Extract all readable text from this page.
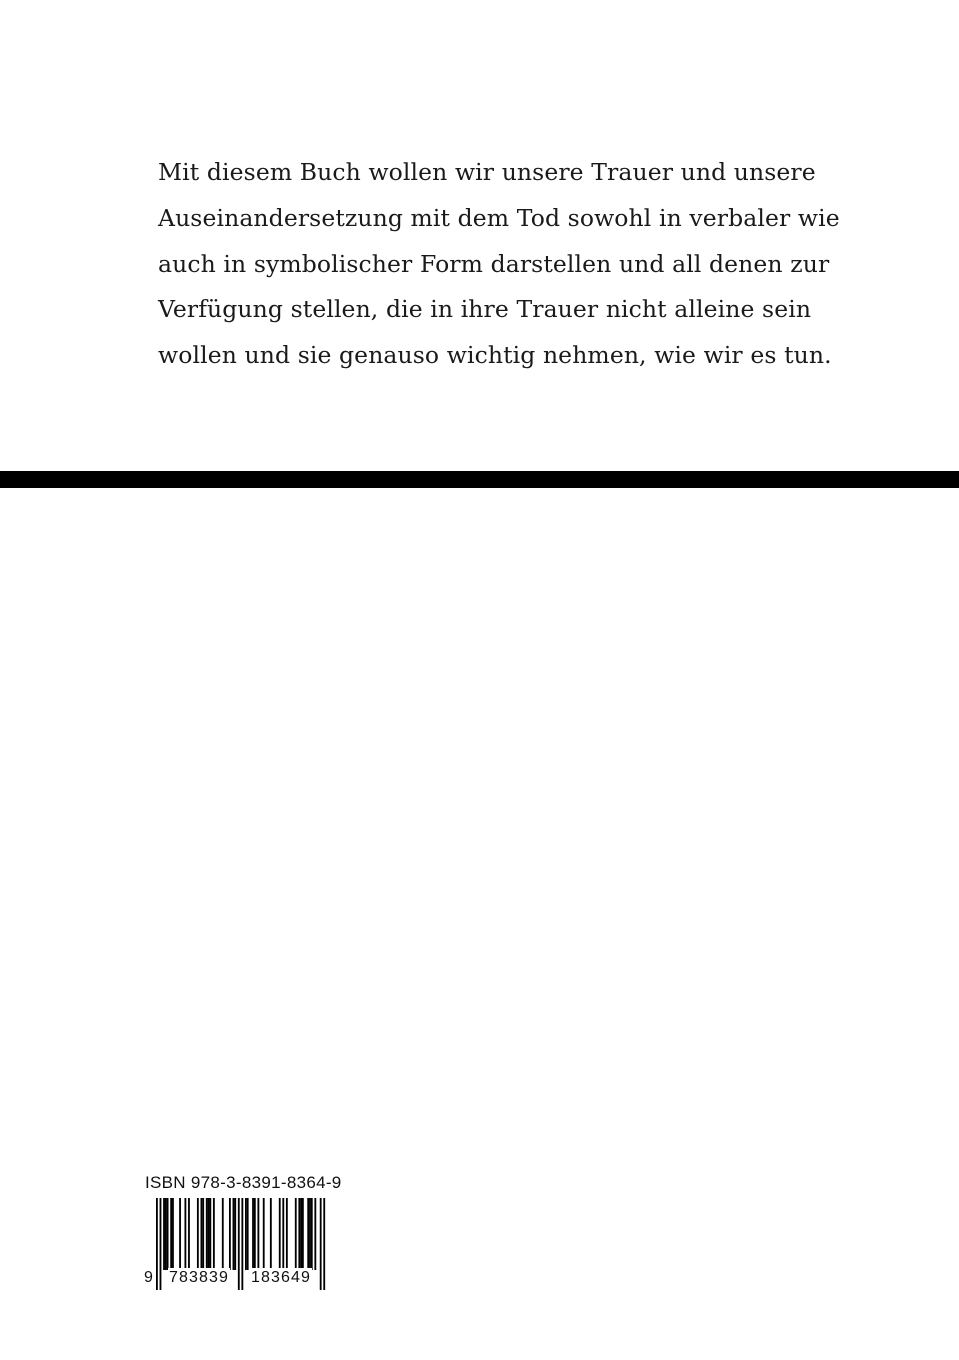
Mit diesem Buch wollen wir unsere Trauer und unsere
Auseinandersetzung mit dem Tod sowohl in verbaler wie
auch in symbolischer Form darstellen und all denen zur
Verfügung stellen, die in ihre Trauer nicht alleine sein
wollen und sie genauso wichtig nehmen, wie wir es tun.
ISBN 978-3-8391-8364-9
9 783839 183649
